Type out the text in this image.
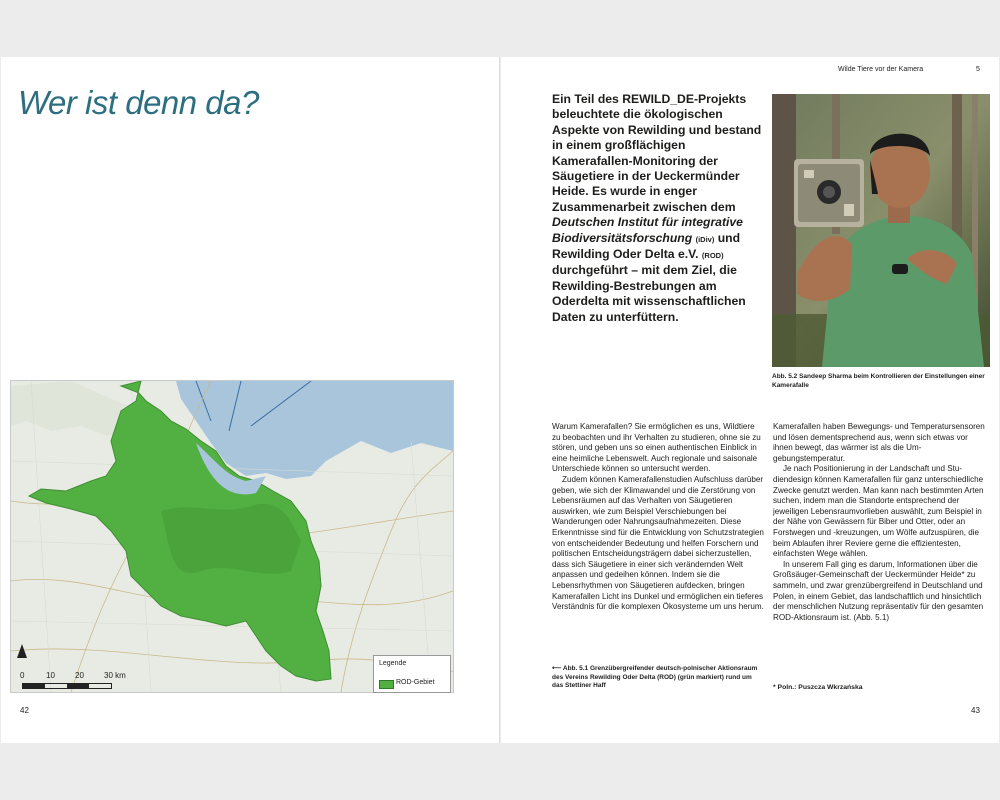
Wer ist denn da?
0	10	20	30 km
Legende
ROD-Gebiet
42
Wilde Tiere vor der Kamera	5

Ein Teil des REWILD_DE-Projekts beleuchtete die ökologischen Aspekte von Rewilding und bestand in einem großflächigen Kamerafallen-Monitoring der Säugetiere in der Ueckermünder Heide. Es wurde in enger Zusammenarbeit zwischen dem Deutschen Institut für integrative Biodiversitätsforschung (iDiv) und Rewilding Oder Delta e.V. (ROD) durchgeführt – mit dem Ziel, die Rewilding-Bestrebungen am Oderdelta mit wissenschaftlichen Daten zu unterfüttern.

Abb. 5.2 Sandeep Sharma beim Kontrollieren der Einstellungen einer Kamerafalle

Warum Kamerafallen? Sie ermöglichen es uns, Wildtiere zu beobachten und ihr Verhalten zu studieren, ohne sie zu stören, und geben uns so einen authentischen Einblick in eine heimliche Lebenswelt. Auch regionale und saisonale Unterschiede können so untersucht werden.

Zudem können Kamerafallenstudien Aufschluss darüber geben, wie sich der Klimawandel und die Zerstörung von Lebensräumen auf das Verhalten von Säugetieren auswirken, wie zum Beispiel Verschiebungen bei Wanderungen oder Nahrungsaufnahmezeiten. Diese Erkenntnisse sind für die Entwicklung von Schutzstrategien von entscheidender Bedeutung und helfen Forschern und politischen Entscheidungsträgern dabei sicherzustellen, dass sich Säugetiere in einer sich verändernden Welt anpassen und gedeihen können. Indem sie die Lebensrhythmen von Säugetieren aufdecken, bringen Kamerafallen Licht ins Dunkel und ermöglichen ein tieferes Verständnis für die komplexen Ökosysteme um uns herum.

⟵ Abb. 5.1 Grenzübergreifender deutsch-polnischer Aktionsraum des Vereins Rewilding Oder Delta (ROD) (grün markiert) rund um das Stettiner Haff

Kamerafallen haben Bewegungs- und Temperatursensoren und lösen dementsprechend aus, wenn sich etwas vor ihnen bewegt, das wärmer ist als die Umgebungstemperatur.

Je nach Positionierung in der Landschaft und Studiendesign können Kamerafallen für ganz unterschiedliche Zwecke genutzt werden. Man kann nach bestimmten Arten suchen, indem man die Standorte entsprechend der jeweiligen Lebensraumvorlieben auswählt, zum Beispiel in der Nähe von Gewässern für Biber und Otter, oder an Forstwegen und -kreuzungen, um Wölfe aufzuspüren, die beim Ablaufen ihrer Reviere gerne die effizientesten, einfachsten Wege wählen.

In unserem Fall ging es darum, Informationen über die Großsäuger-Gemeinschaft der Ueckermünder Heide* zu sammeln, und zwar grenzübergreifend in Deutschland und Polen, in einem Gebiet, das landschaftlich und hinsichtlich der menschlichen Nutzung repräsentativ für den gesamten ROD-Aktionsraum ist. (Abb. 5.1)

* Poln.: Puszcza Wkrzańska
43
